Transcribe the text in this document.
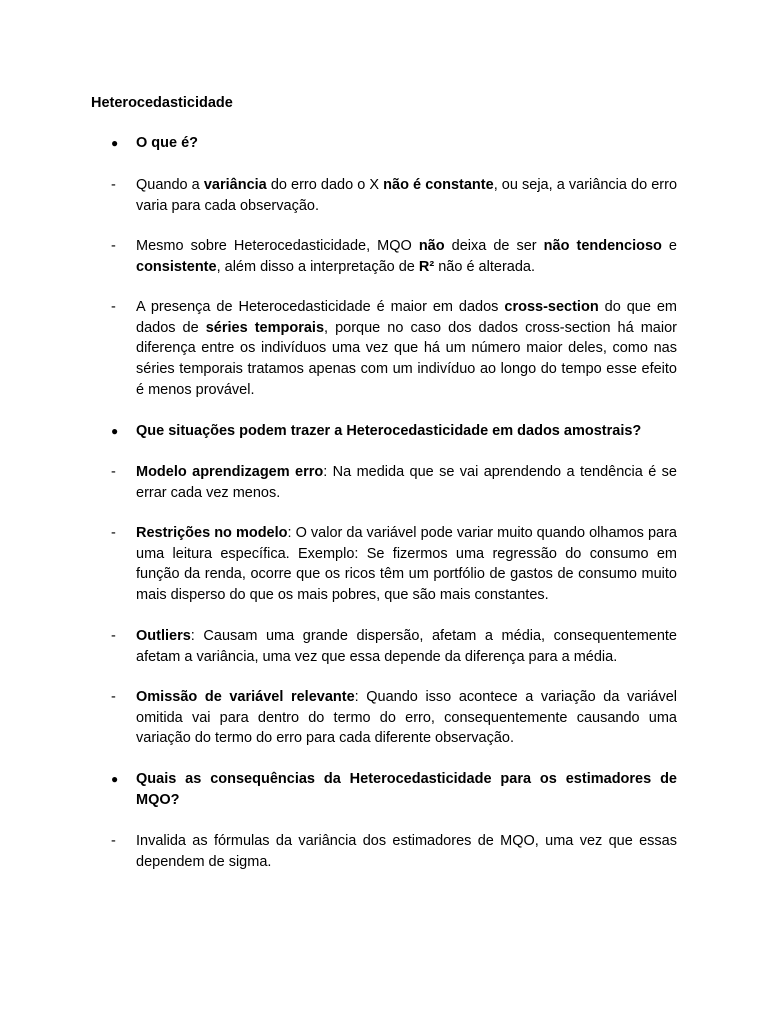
Heterocedasticidade

●	O que é?

-	Quando a variância do erro dado o X não é constante, ou seja, a variância do erro varia para cada observação.

-	Mesmo sobre Heterocedasticidade, MQO não deixa de ser não tendencioso e consistente, além disso a interpretação de R² não é alterada.

-	A presença de Heterocedasticidade é maior em dados cross-section do que em dados de séries temporais, porque no caso dos dados cross-section há maior diferença entre os indivíduos uma vez que há um número maior deles, como nas séries temporais tratamos apenas com um indivíduo ao longo do tempo esse efeito é menos provável.

●	Que situações podem trazer a Heterocedasticidade em dados amostrais?

-	Modelo aprendizagem erro: Na medida que se vai aprendendo a tendência é se errar cada vez menos.

-	Restrições no modelo: O valor da variável pode variar muito quando olhamos para uma leitura específica. Exemplo: Se fizermos uma regressão do consumo em função da renda, ocorre que os ricos têm um portfólio de gastos de consumo muito mais disperso do que os mais pobres, que são mais constantes.

-	Outliers: Causam uma grande dispersão, afetam a média, consequentemente afetam a variância, uma vez que essa depende da diferença para a média.

-	Omissão de variável relevante: Quando isso acontece a variação da variável omitida vai para dentro do termo do erro, consequentemente causando uma variação do termo do erro para cada diferente observação.

●	Quais as consequências da Heterocedasticidade para os estimadores de MQO?

-	Invalida as fórmulas da variância dos estimadores de MQO, uma vez que essas dependem de sigma.
